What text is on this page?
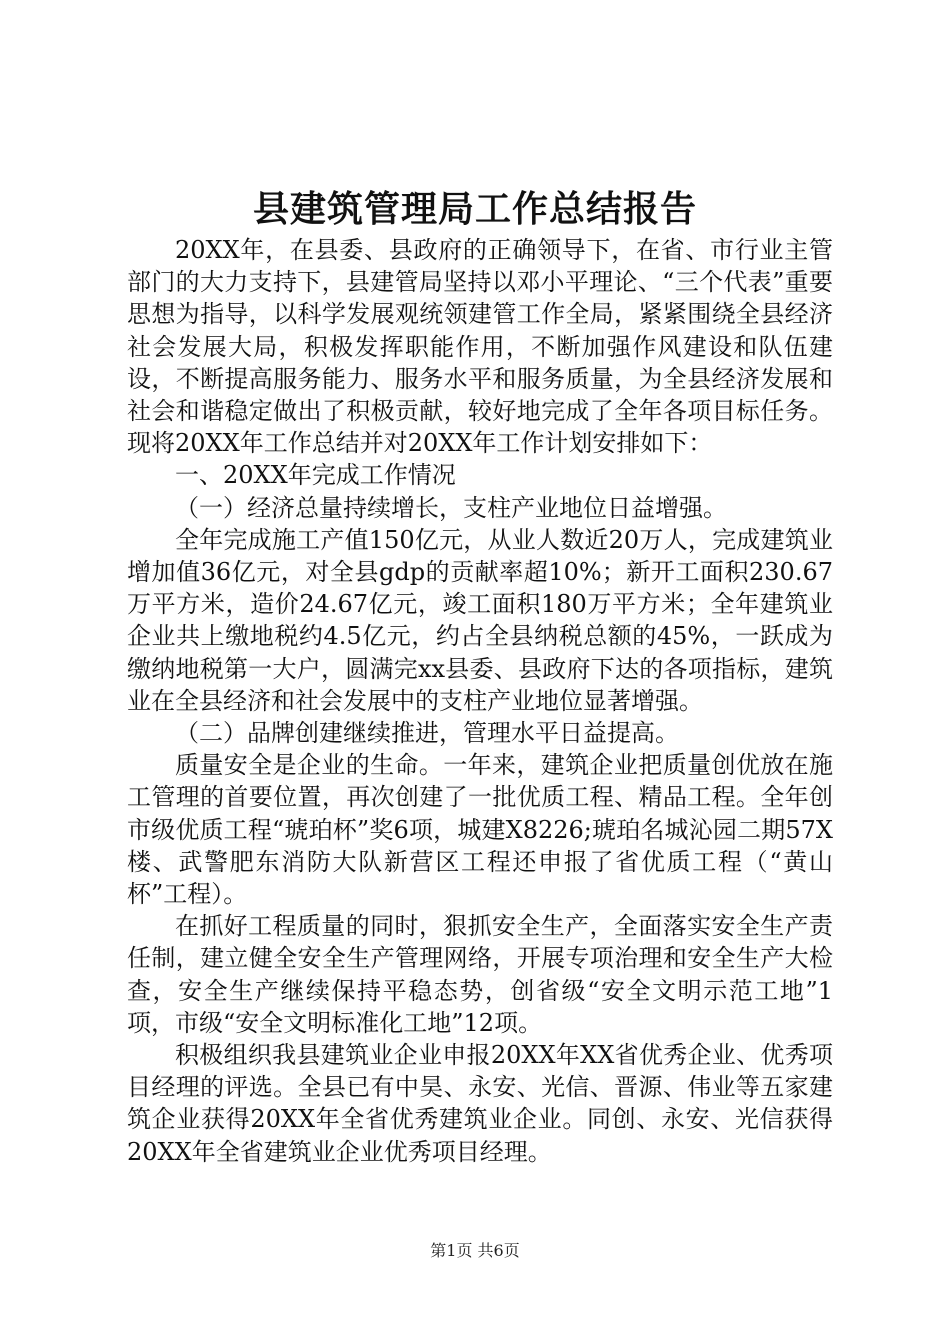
县建筑管理局工作总结报告

20XX年，在县委、县政府的正确领导下，在省、市行业主管部门的大力支持下，县建管局坚持以邓小平理论、“三个代表”重要思想为指导，以科学发展观统领建管工作全局，紧紧围绕全县经济社会发展大局，积极发挥职能作用，不断加强作风建设和队伍建设，不断提高服务能力、服务水平和服务质量，为全县经济发展和社会和谐稳定做出了积极贡献，较好地完成了全年各项目标任务。现将20XX年工作总结并对20XX年工作计划安排如下：

一、20XX年完成工作情况

（一）经济总量持续增长，支柱产业地位日益增强。

全年完成施工产值150亿元，从业人数近20万人，完成建筑业增加值36亿元，对全县gdp的贡献率超10%；新开工面积230.67万平方米，造价24.67亿元，竣工面积180万平方米；全年建筑业企业共上缴地税约4.5亿元，约占全县纳税总额的45%，一跃成为缴纳地税第一大户，圆满完xx县委、县政府下达的各项指标，建筑业在全县经济和社会发展中的支柱产业地位显著增强。

（二）品牌创建继续推进，管理水平日益提高。

质量安全是企业的生命。一年来，建筑企业把质量创优放在施工管理的首要位置，再次创建了一批优质工程、精品工程。全年创市级优质工程“琥珀杯”奖6项，城建X8226;琥珀名城沁园二期57X楼、武警肥东消防大队新营区工程还申报了省优质工程（“黄山杯”工程）。

在抓好工程质量的同时，狠抓安全生产，全面落实安全生产责任制，建立健全安全生产管理网络，开展专项治理和安全生产大检查，安全生产继续保持平稳态势，创省级“安全文明示范工地”1项，市级“安全文明标准化工地”12项。

积极组织我县建筑业企业申报20XX年XX省优秀企业、优秀项目经理的评选。全县已有中昊、永安、光信、晋源、伟业等五家建筑企业获得20XX年全省优秀建筑业企业。同创、永安、光信获得20XX年全省建筑业企业优秀项目经理。

第1页 共6页
